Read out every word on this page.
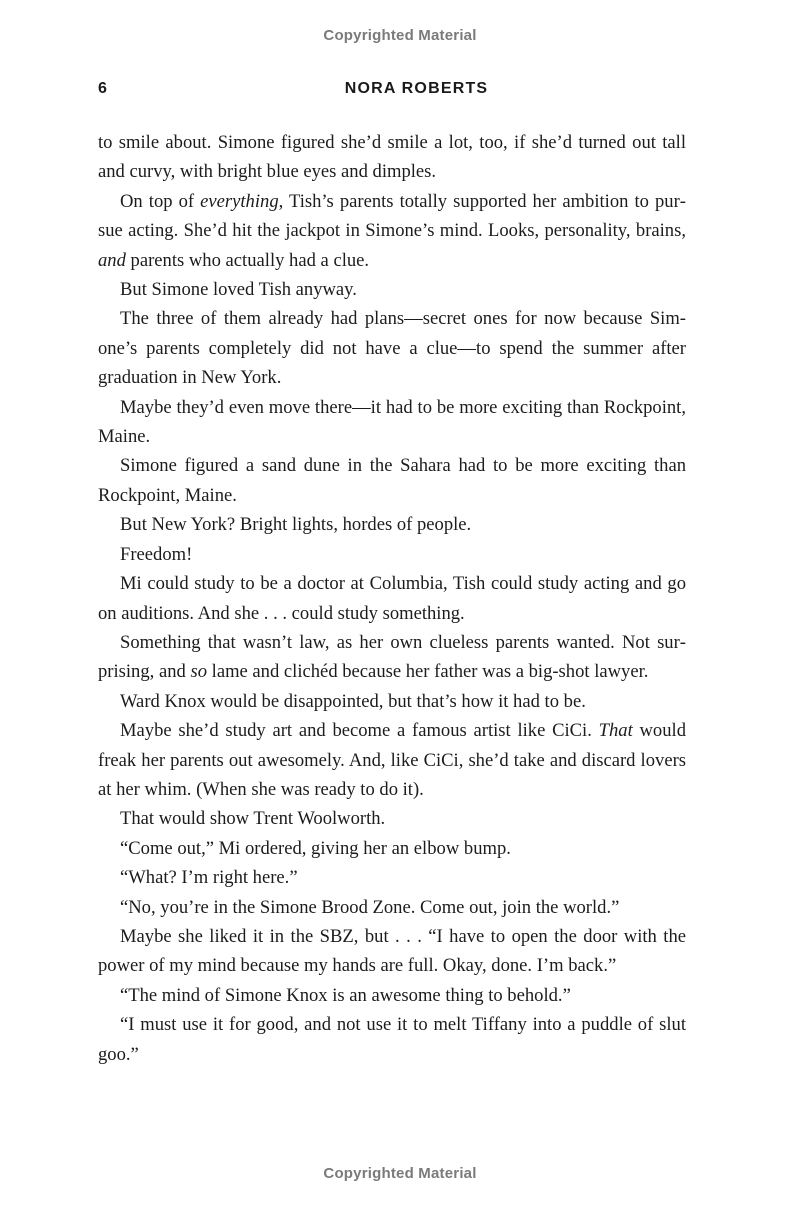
Copyrighted Material
6	NORA ROBERTS

to smile about. Simone figured she’d smile a lot, too, if she’d turned out tall and curvy, with bright blue eyes and dimples.

On top of everything, Tish’s parents totally supported her ambition to pursue acting. She’d hit the jackpot in Simone’s mind. Looks, personality, brains, and parents who actually had a clue.

But Simone loved Tish anyway.

The three of them already had plans—secret ones for now because Simone’s parents completely did not have a clue—to spend the summer after graduation in New York.

Maybe they’d even move there—it had to be more exciting than Rockpoint, Maine.

Simone figured a sand dune in the Sahara had to be more exciting than Rockpoint, Maine.

But New York? Bright lights, hordes of people.

Freedom!

Mi could study to be a doctor at Columbia, Tish could study acting and go on auditions. And she . . . could study something.

Something that wasn’t law, as her own clueless parents wanted. Not surprising, and so lame and clichéd because her father was a big-shot lawyer.

Ward Knox would be disappointed, but that’s how it had to be.

Maybe she’d study art and become a famous artist like CiCi. That would freak her parents out awesomely. And, like CiCi, she’d take and discard lovers at her whim. (When she was ready to do it).

That would show Trent Woolworth.

“Come out,” Mi ordered, giving her an elbow bump.

“What? I’m right here.”

“No, you’re in the Simone Brood Zone. Come out, join the world.”

Maybe she liked it in the SBZ, but . . . “I have to open the door with the power of my mind because my hands are full. Okay, done. I’m back.”

“The mind of Simone Knox is an awesome thing to behold.”

“I must use it for good, and not use it to melt Tiffany into a puddle of slut goo.”

Copyrighted Material
